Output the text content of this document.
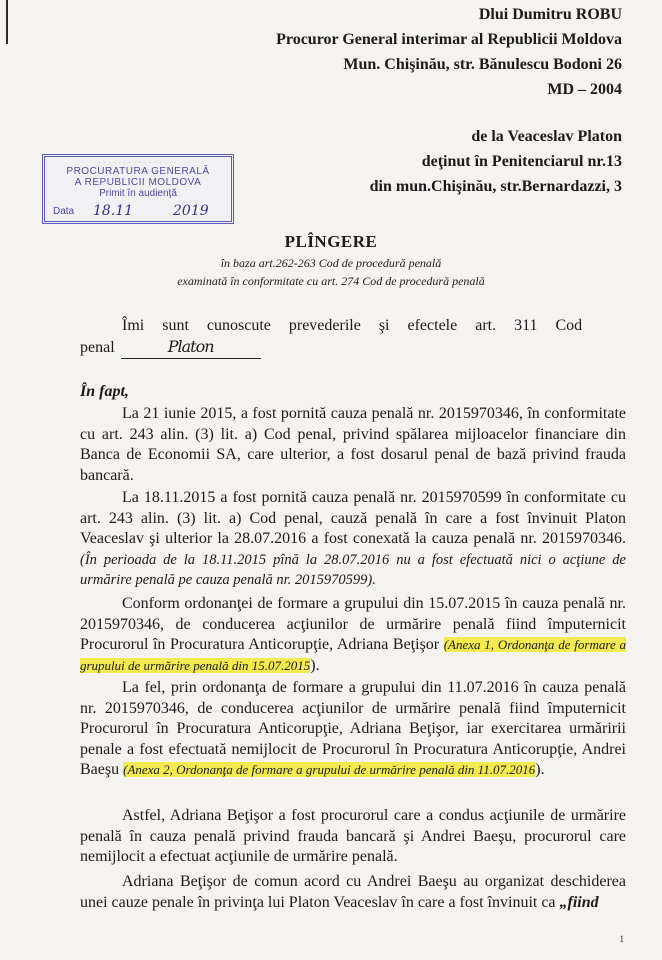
Dlui Dumitru ROBU
Procuror General interimar al Republicii Moldova
Mun. Chişinău, str. Bănulescu Bodoni 26
MD – 2004
de la Veaceslav Platon
deţinut în Penitenciarul nr.13
din mun.Chişinău, str.Bernardazzi, 3
· · · · · · · · · · · · · · · ·
PROCURATURA GENERALĂ
A REPUBLICII MOLDOVA
Primit în audienţă
Data 18.11	2019
PLÎNGERE
în baza art.262-263 Cod de procedură penală
examinată în conformitate cu art. 274 Cod de procedură penală
Îmi sunt cunoscute prevederile şi efectele art. 311 Cod
penal	Platon
În fapt,

La 21 iunie 2015, a fost pornită cauza penală nr. 2015970346, în conformitate cu art. 243 alin. (3) lit. a) Cod penal, privind spălarea mijloacelor financiare din Banca de Economii SA, care ulterior, a fost dosarul penal de bază privind frauda bancară.

La 18.11.2015 a fost pornită cauza penală nr. 2015970599 în conformitate cu art. 243 alin. (3) lit. a) Cod penal, cauză penală în care a fost învinuit Platon Veaceslav şi ulterior la 28.07.2016 a fost conexată la cauza penală nr. 2015970346. (În perioada de la 18.11.2015 pînă la 28.07.2016 nu a fost efectuată nici o acţiune de urmărire penală pe cauza penală nr. 2015970599).

Conform ordonanţei de formare a grupului din 15.07.2015 în cauza penală nr. 2015970346, de conducerea acţiunilor de urmărire penală fiind împuternicit Procurorul în Procuratura Anticorupţie, Adriana Beţişor (Anexa 1, Ordonanţa de formare a grupului de urmărire penală din 15.07.2015).

La fel, prin ordonanţa de formare a grupului din 11.07.2016 în cauza penală nr. 2015970346, de conducerea acţiunilor de urmărire penală fiind împuternicit Procurorul în Procuratura Anticorupţie, Adriana Beţişor, iar exercitarea urmăririi penale a fost efectuată nemijlocit de Procurorul în Procuratura Anticorupţie, Andrei Baeşu (Anexa 2, Ordonanţa de formare a grupului de urmărire penală din 11.07.2016).

Astfel, Adriana Beţişor a fost procurorul care a condus acţiunile de urmărire penală în cauza penală privind frauda bancară şi Andrei Baeşu, procurorul care nemijlocit a efectuat acţiunile de urmărire penală.

Adriana Beţişor de comun acord cu Andrei Baeşu au organizat deschiderea unei cauze penale în privinţa lui Platon Veaceslav în care a fost învinuit ca „fiind

1
